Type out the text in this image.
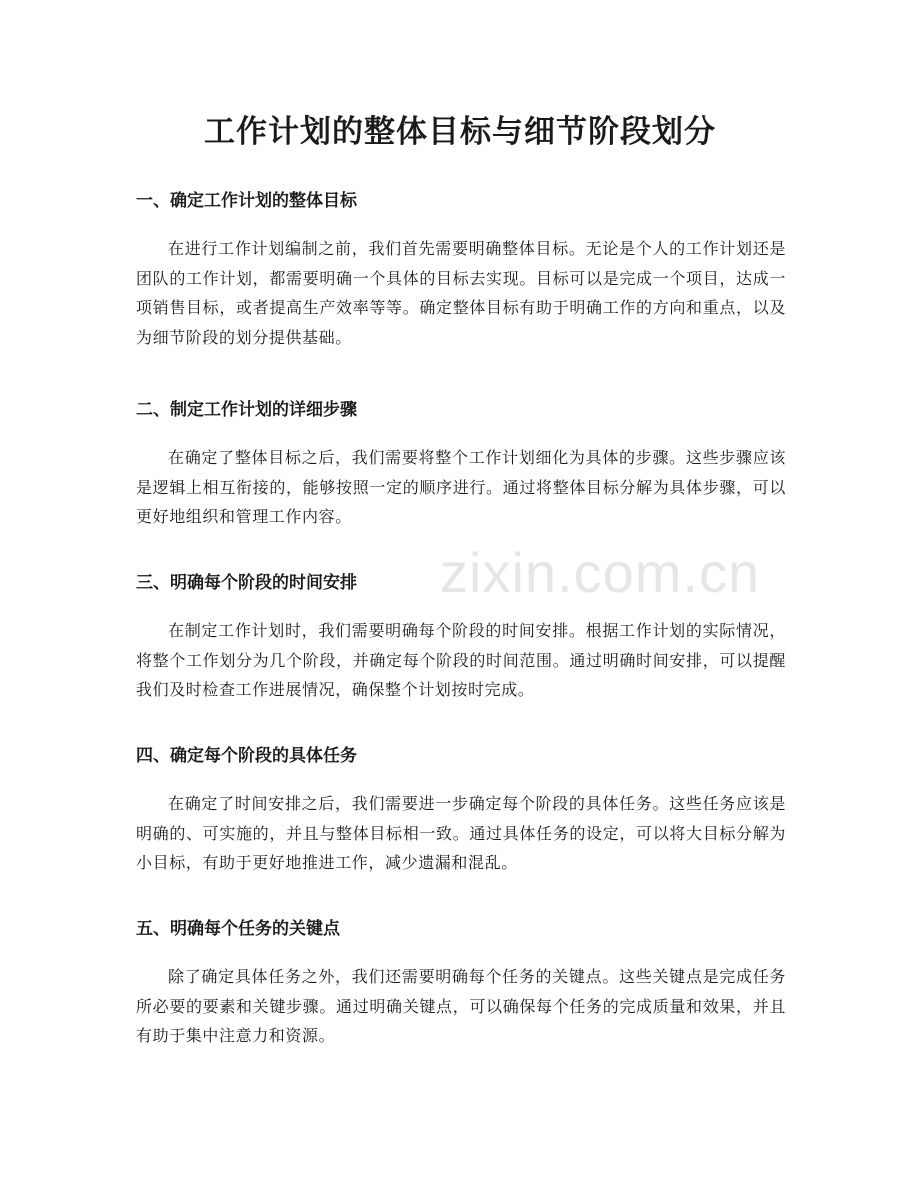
zixin.com.cn
工作计划的整体目标与细节阶段划分
一、确定工作计划的整体目标

在进行工作计划编制之前，我们首先需要明确整体目标。无论是个人的工作计划还是团队的工作计划，都需要明确一个具体的目标去实现。目标可以是完成一个项目，达成一项销售目标，或者提高生产效率等等。确定整体目标有助于明确工作的方向和重点，以及为细节阶段的划分提供基础。

二、制定工作计划的详细步骤

在确定了整体目标之后，我们需要将整个工作计划细化为具体的步骤。这些步骤应该是逻辑上相互衔接的，能够按照一定的顺序进行。通过将整体目标分解为具体步骤，可以更好地组织和管理工作内容。

三、明确每个阶段的时间安排

在制定工作计划时，我们需要明确每个阶段的时间安排。根据工作计划的实际情况，将整个工作划分为几个阶段，并确定每个阶段的时间范围。通过明确时间安排，可以提醒我们及时检查工作进展情况，确保整个计划按时完成。

四、确定每个阶段的具体任务

在确定了时间安排之后，我们需要进一步确定每个阶段的具体任务。这些任务应该是明确的、可实施的，并且与整体目标相一致。通过具体任务的设定，可以将大目标分解为小目标，有助于更好地推进工作，减少遗漏和混乱。

五、明确每个任务的关键点

除了确定具体任务之外，我们还需要明确每个任务的关键点。这些关键点是完成任务所必要的要素和关键步骤。通过明确关键点，可以确保每个任务的完成质量和效果，并且有助于集中注意力和资源。
